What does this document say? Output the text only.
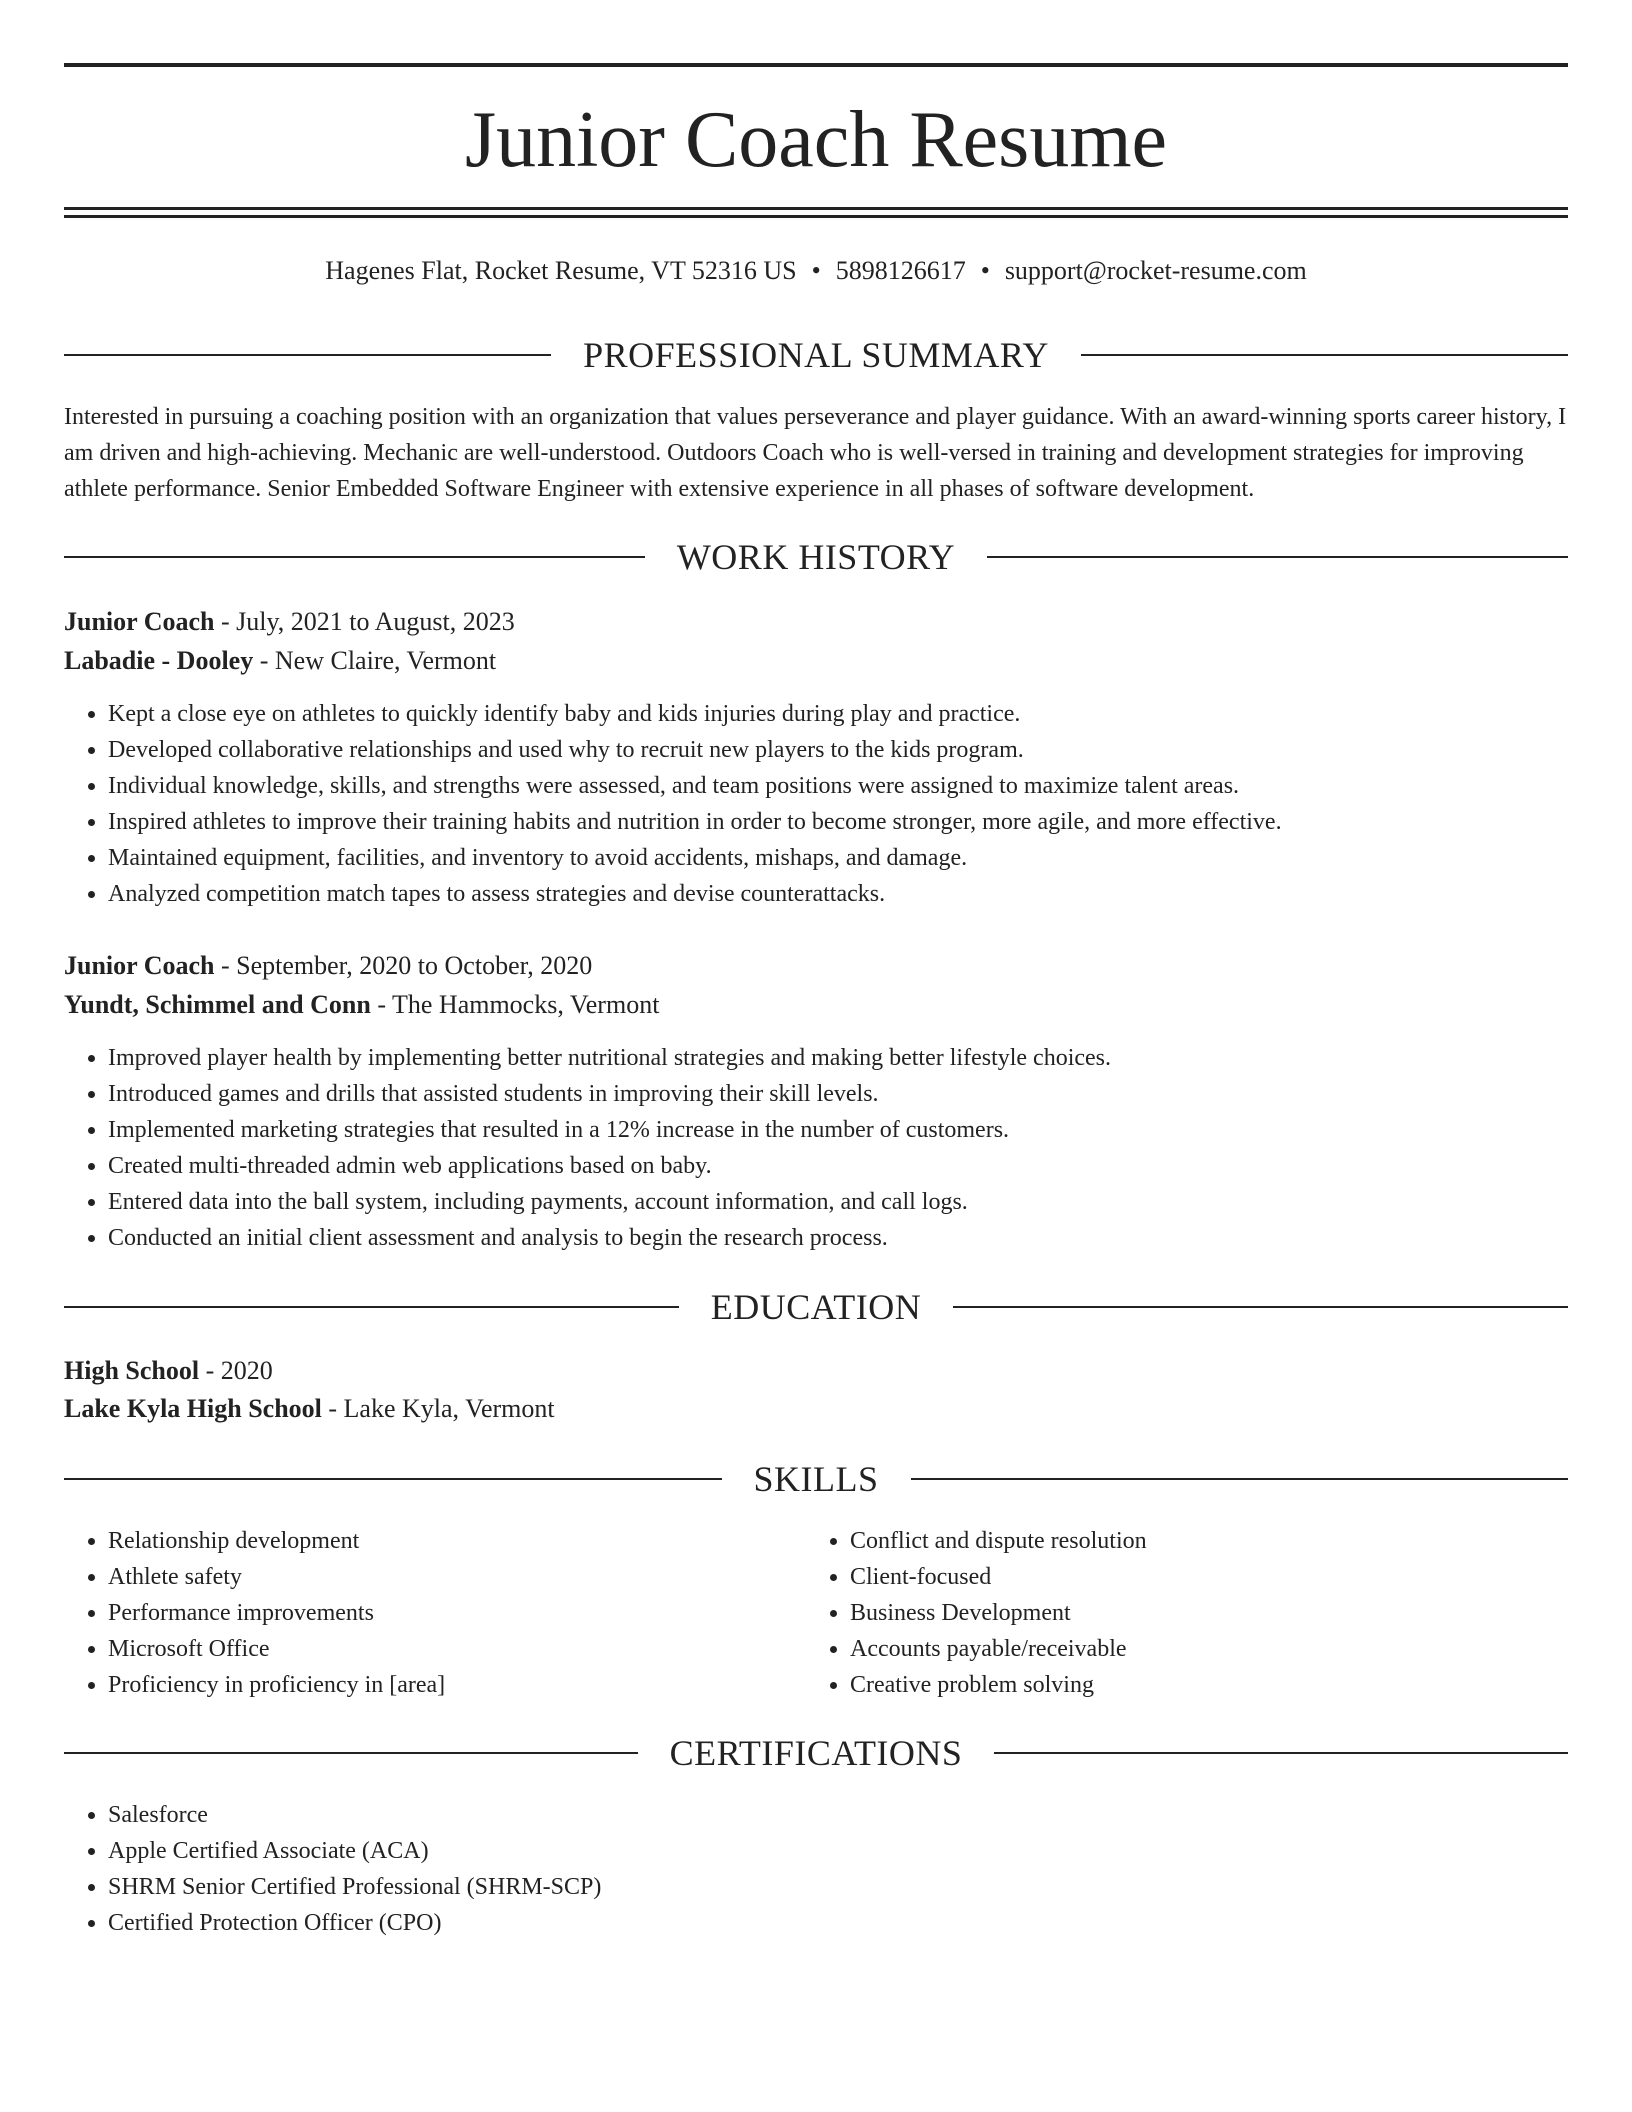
Junior Coach Resume
Hagenes Flat, Rocket Resume, VT 52316 US • 5898126617 • support@rocket-resume.com
PROFESSIONAL SUMMARY
Interested in pursuing a coaching position with an organization that values perseverance and player guidance. With an award-winning sports career history, I am driven and high-achieving. Mechanic are well-understood. Outdoors Coach who is well-versed in training and development strategies for improving athlete performance. Senior Embedded Software Engineer with extensive experience in all phases of software development.
WORK HISTORY
Junior Coach - July, 2021 to August, 2023
Labadie - Dooley - New Claire, Vermont
• Kept a close eye on athletes to quickly identify baby and kids injuries during play and practice.
• Developed collaborative relationships and used why to recruit new players to the kids program.
• Individual knowledge, skills, and strengths were assessed, and team positions were assigned to maximize talent areas.
• Inspired athletes to improve their training habits and nutrition in order to become stronger, more agile, and more effective.
• Maintained equipment, facilities, and inventory to avoid accidents, mishaps, and damage.
• Analyzed competition match tapes to assess strategies and devise counterattacks.
Junior Coach - September, 2020 to October, 2020
Yundt, Schimmel and Conn - The Hammocks, Vermont
• Improved player health by implementing better nutritional strategies and making better lifestyle choices.
• Introduced games and drills that assisted students in improving their skill levels.
• Implemented marketing strategies that resulted in a 12% increase in the number of customers.
• Created multi-threaded admin web applications based on baby.
• Entered data into the ball system, including payments, account information, and call logs.
• Conducted an initial client assessment and analysis to begin the research process.
EDUCATION
High School - 2020
Lake Kyla High School - Lake Kyla, Vermont
SKILLS
• Relationship development
• Athlete safety
• Performance improvements
• Microsoft Office
• Proficiency in proficiency in [area]
• Conflict and dispute resolution
• Client-focused
• Business Development
• Accounts payable/receivable
• Creative problem solving
CERTIFICATIONS
• Salesforce
• Apple Certified Associate (ACA)
• SHRM Senior Certified Professional (SHRM-SCP)
• Certified Protection Officer (CPO)
